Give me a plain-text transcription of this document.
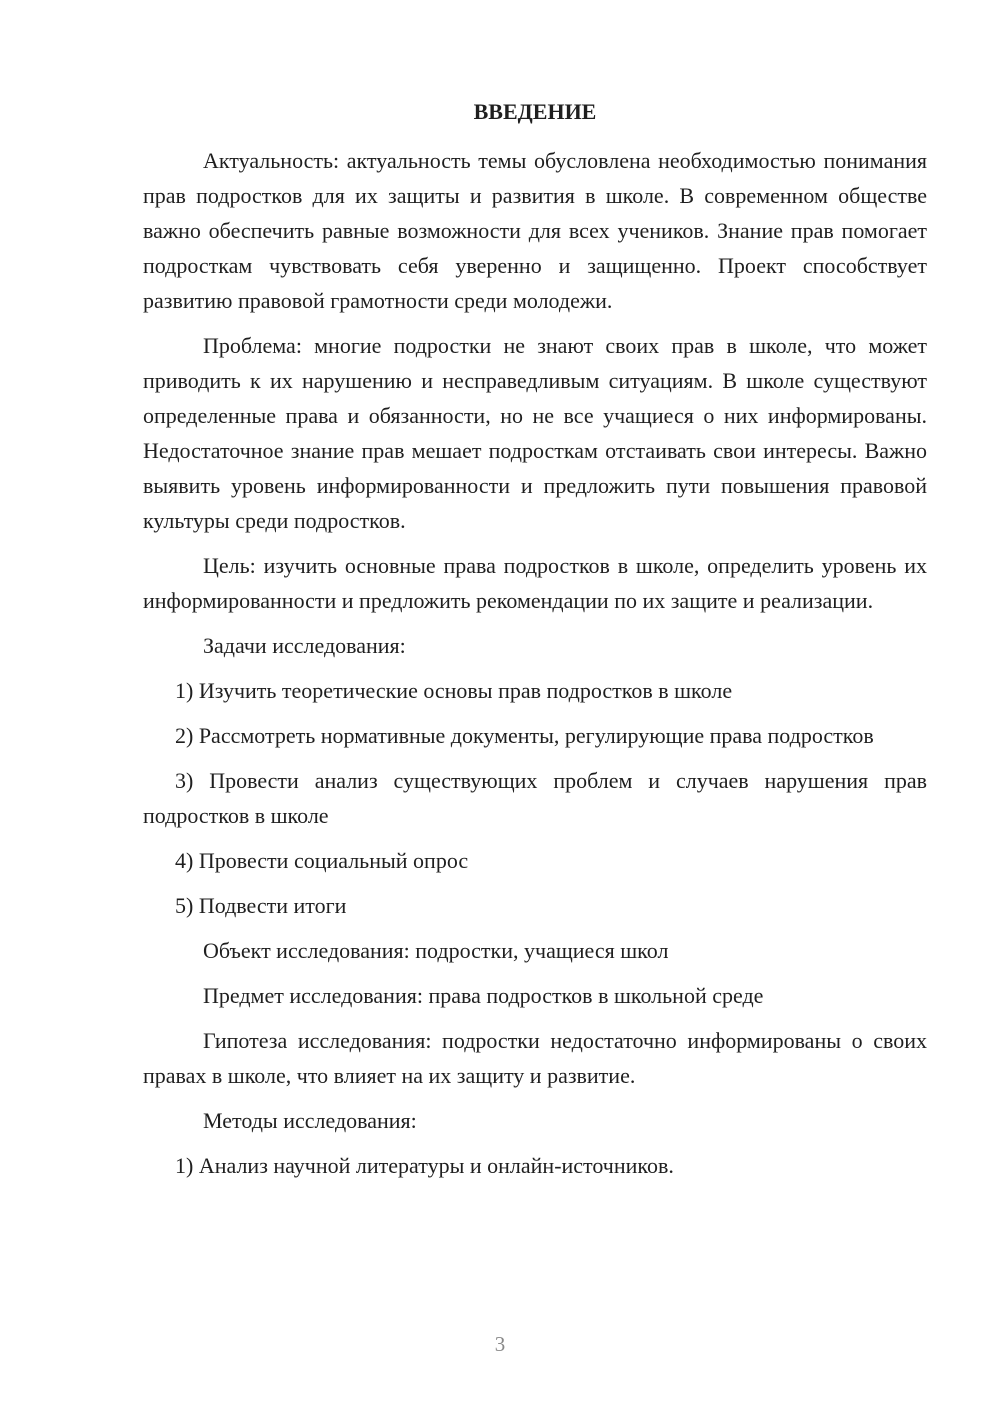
ВВЕДЕНИЕ

Актуальность: актуальность темы обусловлена необходимостью понимания прав подростков для их защиты и развития в школе. В современном обществе важно обеспечить равные возможности для всех учеников. Знание прав помогает подросткам чувствовать себя уверенно и защищенно. Проект способствует развитию правовой грамотности среди молодежи.

Проблема: многие подростки не знают своих прав в школе, что может приводить к их нарушению и несправедливым ситуациям. В школе существуют определенные права и обязанности, но не все учащиеся о них информированы. Недостаточное знание прав мешает подросткам отстаивать свои интересы. Важно выявить уровень информированности и предложить пути повышения правовой культуры среди подростков.

Цель: изучить основные права подростков в школе, определить уровень их информированности и предложить рекомендации по их защите и реализации.

Задачи исследования:

1) Изучить теоретические основы прав подростков в школе

2) Рассмотреть нормативные документы, регулирующие права подростков

3) Провести анализ существующих проблем и случаев нарушения прав подростков в школе

4) Провести социальный опрос

5) Подвести итоги

Объект исследования: подростки, учащиеся школ

Предмет исследования: права подростков в школьной среде

Гипотеза исследования: подростки недостаточно информированы о своих правах в школе, что влияет на их защиту и развитие.

Методы исследования:

1) Анализ научной литературы и онлайн-источников.

3
